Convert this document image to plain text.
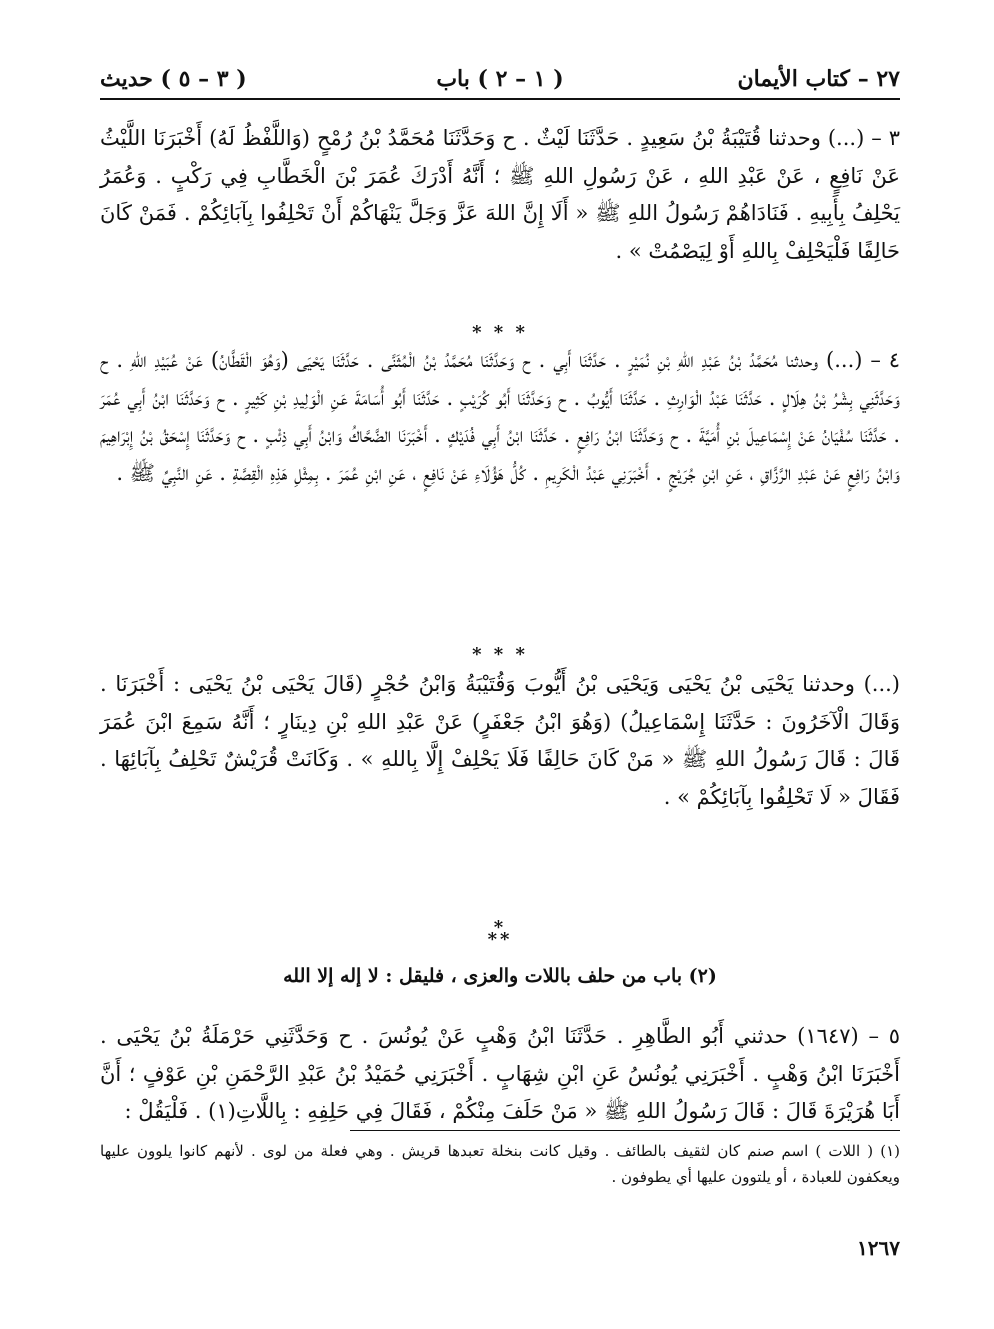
٢٧ – كتاب الأيمان
( ١ – ٢ ) باب
( ٣ – ٥ ) حديث
٣ – (...) وحدثنا قُتَيْبَةُ بْنُ سَعِيدٍ . حَدَّثَنَا لَيْثٌ . ح وَحَدَّثَنَا مُحَمَّدُ بْنُ رُمْحٍ (وَاللَّفْظُ لَهُ) أَخْبَرَنَا اللَّيْثُ عَنْ نَافِعٍ ، عَنْ عَبْدِ اللهِ ، عَنْ رَسُولِ اللهِ ﷺ ؛ أَنَّهُ أَدْرَكَ عُمَرَ بْنَ الْخَطَّابِ فِي رَكْبٍ . وَعُمَرُ يَحْلِفُ بِأَبِيهِ . فَنَادَاهُمْ رَسُولُ اللهِ ﷺ « أَلَا إِنَّ اللهَ عَزَّ وَجَلَّ يَنْهَاكُمْ أَنْ تَحْلِفُوا بِآبَائِكُمْ . فَمَنْ كَانَ حَالِفًا فَلْيَحْلِفْ بِاللهِ أَوْ لِيَصْمُتْ » .
* * *
٤ – (...) وحدثنا مُحَمَّدُ بْنُ عَبْدِ اللهِ بْنِ نُمَيْرٍ . حَدَّثَنَا أَبِي . ح وَحَدَّثَنَا مُحَمَّدُ بْنُ الْمُثَنَّى . حَدَّثَنَا يَحْيَى (وَهُوَ الْقَطَّانُ) عَنْ عُبَيْدِ اللهِ . ح وَحَدَّثَنِي بِشْرُ بْنُ هِلَالٍ . حَدَّثَنَا عَبْدُ الْوَارِثِ . حَدَّثَنَا أَيُّوبُ . ح وَحَدَّثَنَا أَبُو كُرَيْبٍ . حَدَّثَنَا أَبُو أُسَامَةَ عَنِ الْوَلِيدِ بْنِ كَثِيرٍ . ح وَحَدَّثَنَا ابْنُ أَبِي عُمَرَ . حَدَّثَنَا سُفْيَانُ عَنْ إِسْمَاعِيلَ بْنِ أُمَيَّةَ . ح وَحَدَّثَنَا ابْنُ رَافِعٍ . حَدَّثَنَا ابْنُ أَبِي فُدَيْكٍ . أَخْبَرَنَا الضَّحَّاكُ وَابْنُ أَبِي ذِئْبٍ . ح وَحَدَّثَنَا إِسْحَقُ بْنُ إِبْرَاهِيمَ وَابْنُ رَافِعٍ عَنْ عَبْدِ الرَّزَّاقِ ، عَنِ ابْنِ جُرَيْجٍ . أَخْبَرَنِي عَبْدُ الْكَرِيمِ . كُلُّ هَؤُلَاءِ عَنْ نَافِعٍ ، عَنِ ابْنِ عُمَرَ . بِمِثْلِ هَذِهِ الْقِصَّةِ . عَنِ النَّبِيِّ ﷺ .
* * *
(...) وحدثنا يَحْيَى بْنُ يَحْيَى وَيَحْيَى بْنُ أَيُّوبَ وَقُتَيْبَةُ وَابْنُ حُجْرٍ (قَالَ يَحْيَى بْنُ يَحْيَى : أَخْبَرَنَا . وَقَالَ الْآخَرُونَ : حَدَّثَنَا إِسْمَاعِيلُ) (وَهُوَ ابْنُ جَعْفَرٍ) عَنْ عَبْدِ اللهِ بْنِ دِينَارٍ ؛ أَنَّهُ سَمِعَ ابْنَ عُمَرَ قَالَ : قَالَ رَسُولُ اللهِ ﷺ « مَنْ كَانَ حَالِفًا فَلَا يَحْلِفْ إِلَّا بِاللهِ » . وَكَانَتْ قُرَيْشٌ تَحْلِفُ بِآبَائِهَا . فَقَالَ « لَا تَحْلِفُوا بِآبَائِكُمْ » .
*
**
(٢) باب من حلف باللات والعزى ، فليقل : لا إله إلا الله
٥ – (١٦٤٧) حدثني أَبُو الطَّاهِرِ . حَدَّثَنَا ابْنُ وَهْبٍ عَنْ يُونُسَ . ح وَحَدَّثَنِي حَرْمَلَةُ بْنُ يَحْيَى . أَخْبَرَنَا ابْنُ وَهْبٍ . أَخْبَرَنِي يُونُسُ عَنِ ابْنِ شِهَابٍ . أَخْبَرَنِي حُمَيْدُ بْنُ عَبْدِ الرَّحْمَنِ بْنِ عَوْفٍ ؛ أَنَّ أَبَا هُرَيْرَةَ قَالَ : قَالَ رَسُولُ اللهِ ﷺ « مَنْ حَلَفَ مِنْكُمْ ، فَقَالَ فِي حَلِفِهِ : بِاللَّاتِ(١) . فَلْيَقُلْ :
(١) ( اللات ) اسم صنم كان لثقيف بالطائف . وقيل كانت بنخلة تعبدها قريش . وهي فعلة من لوى . لأنهم كانوا يلوون عليها ويعكفون للعبادة ، أو يلتوون عليها أي يطوفون .
١٢٦٧
